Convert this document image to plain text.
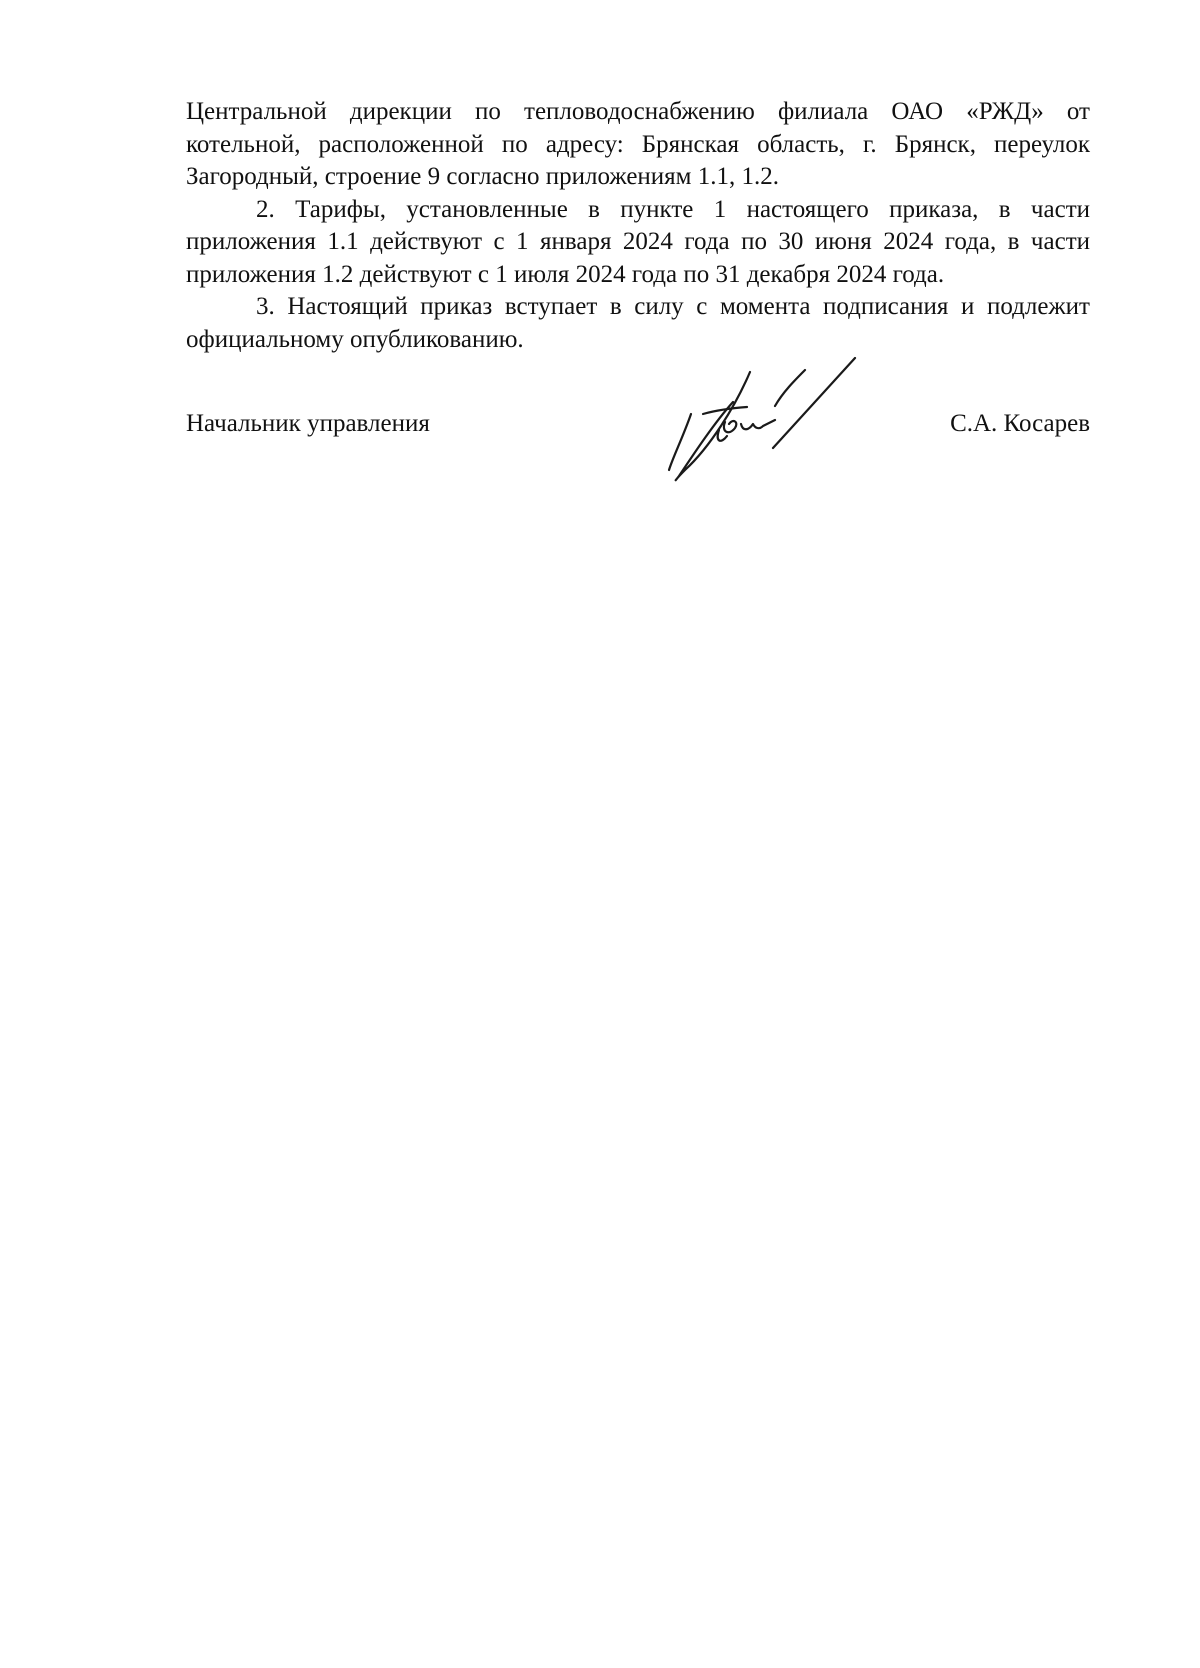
Центральной дирекции по тепловодоснабжению филиала ОАО «РЖД» от котельной, расположенной по адресу: Брянская область, г. Брянск, переулок Загородный, строение 9 согласно приложениям 1.1, 1.2.

2. Тарифы, установленные в пункте 1 настоящего приказа, в части приложения 1.1 действуют с 1 января 2024 года по 30 июня 2024 года, в части приложения 1.2 действуют с 1 июля 2024 года по 31 декабря 2024 года.

3. Настоящий приказ вступает в силу с момента подписания и подлежит официальному опубликованию.

Начальник управления	С.А. Косарев
